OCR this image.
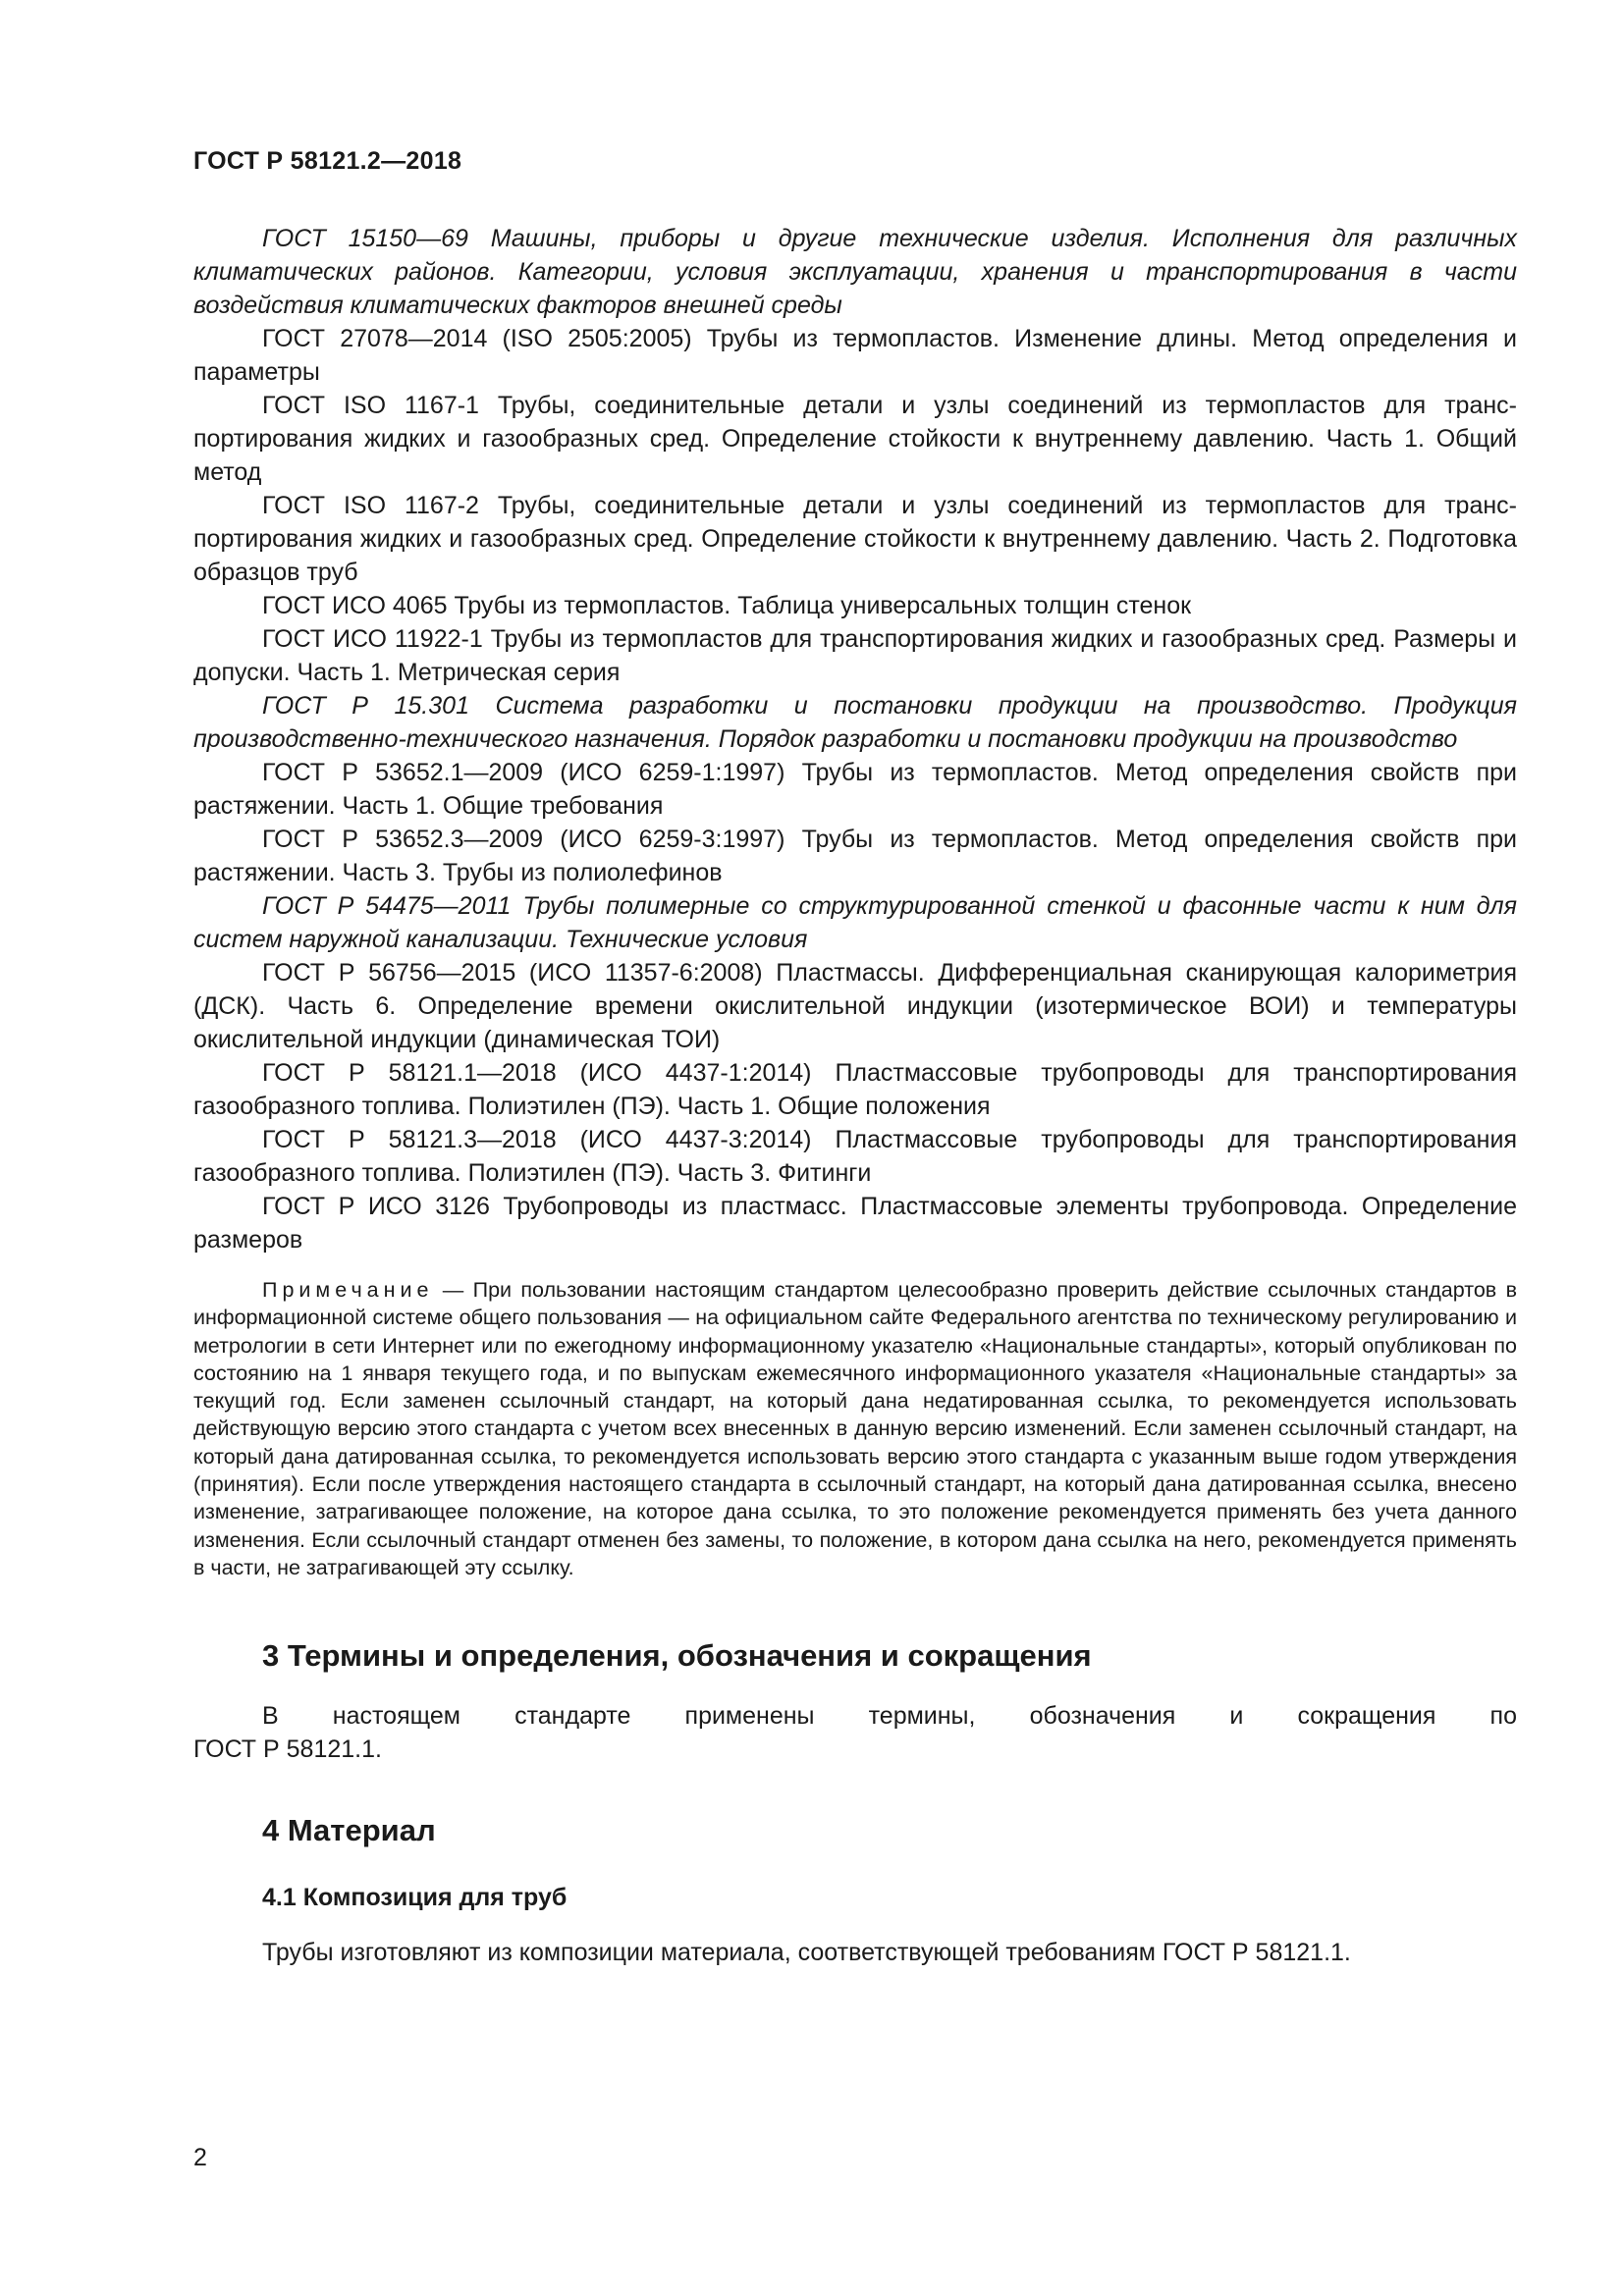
ГОСТ Р 58121.2—2018

ГОСТ 15150—69 Машины, приборы и другие технические изделия. Исполнения для различных климатических районов. Категории, условия эксплуатации, хранения и транспортирования в части воздействия климатических факторов внешней среды

ГОСТ 27078—2014 (ISO 2505:2005) Трубы из термопластов. Изменение длины. Метод определения и параметры

ГОСТ ISO 1167-1 Трубы, соединительные детали и узлы соединений из термопластов для транспортирования жидких и газообразных сред. Определение стойкости к внутреннему давлению. Часть 1. Общий метод

ГОСТ ISO 1167-2 Трубы, соединительные детали и узлы соединений из термопластов для транспортирования жидких и газообразных сред. Определение стойкости к внутреннему давлению. Часть 2. Подготовка образцов труб

ГОСТ ИСО 4065 Трубы из термопластов. Таблица универсальных толщин стенок

ГОСТ ИСО 11922-1 Трубы из термопластов для транспортирования жидких и газообразных сред. Размеры и допуски. Часть 1. Метрическая серия

ГОСТ Р 15.301 Система разработки и постановки продукции на производство. Продукция производственно-технического назначения. Порядок разработки и постановки продукции на производство

ГОСТ Р 53652.1—2009 (ИСО 6259-1:1997) Трубы из термопластов. Метод определения свойств при растяжении. Часть 1. Общие требования

ГОСТ Р 53652.3—2009 (ИСО 6259-3:1997) Трубы из термопластов. Метод определения свойств при растяжении. Часть 3. Трубы из полиолефинов

ГОСТ Р 54475—2011 Трубы полимерные со структурированной стенкой и фасонные части к ним для систем наружной канализации. Технические условия

ГОСТ Р 56756—2015 (ИСО 11357-6:2008) Пластмассы. Дифференциальная сканирующая калориметрия (ДСК). Часть 6. Определение времени окислительной индукции (изотермическое ВОИ) и температуры окислительной индукции (динамическая ТОИ)

ГОСТ Р 58121.1—2018 (ИСО 4437-1:2014) Пластмассовые трубопроводы для транспортирования газообразного топлива. Полиэтилен (ПЭ). Часть 1. Общие положения

ГОСТ Р 58121.3—2018 (ИСО 4437-3:2014) Пластмассовые трубопроводы для транспортирования газообразного топлива. Полиэтилен (ПЭ). Часть 3. Фитинги

ГОСТ Р ИСО 3126 Трубопроводы из пластмасс. Пластмассовые элементы трубопровода. Определение размеров

Примечание — При пользовании настоящим стандартом целесообразно проверить действие ссылочных стандартов в информационной системе общего пользования — на официальном сайте Федерального агентства по техническому регулированию и метрологии в сети Интернет или по ежегодному информационному указателю «Национальные стандарты», который опубликован по состоянию на 1 января текущего года, и по выпускам ежемесячного информационного указателя «Национальные стандарты» за текущий год. Если заменен ссылочный стандарт, на который дана недатированная ссылка, то рекомендуется использовать действующую версию этого стандарта с учетом всех внесенных в данную версию изменений. Если заменен ссылочный стандарт, на который дана датированная ссылка, то рекомендуется использовать версию этого стандарта с указанным выше годом утверждения (принятия). Если после утверждения настоящего стандарта в ссылочный стандарт, на который дана датированная ссылка, внесено изменение, затрагивающее положение, на которое дана ссылка, то это положение рекомендуется применять без учета данного изменения. Если ссылочный стандарт отменен без замены, то положение, в котором дана ссылка на него, рекомендуется применять в части, не затрагивающей эту ссылку.

3 Термины и определения, обозначения и сокращения

В настоящем стандарте применены термины, обозначения и сокращения по

ГОСТ Р 58121.1.

4 Материал
4.1 Композиция для труб

Трубы изготовляют из композиции материала, соответствующей требованиям ГОСТ Р 58121.1.

2
